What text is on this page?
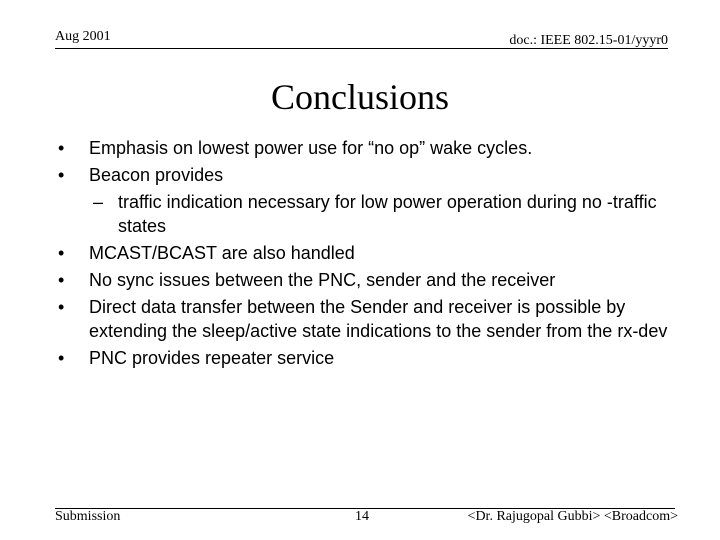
Aug 2001	doc.: IEEE 802.15-01/yyyr0
Conclusions
• Emphasis on lowest power use for “no op” wake cycles.
• Beacon provides
– traffic indication necessary for low power operation during no -traffic states
• MCAST/BCAST are also handled
• No sync issues between the PNC, sender and the receiver
• Direct data transfer between the Sender and receiver is possible by extending the sleep/active state indications to the sender from the rx-dev
• PNC provides repeater service
Submission	14	<Dr. Rajugopal Gubbi> <Broadcom>
